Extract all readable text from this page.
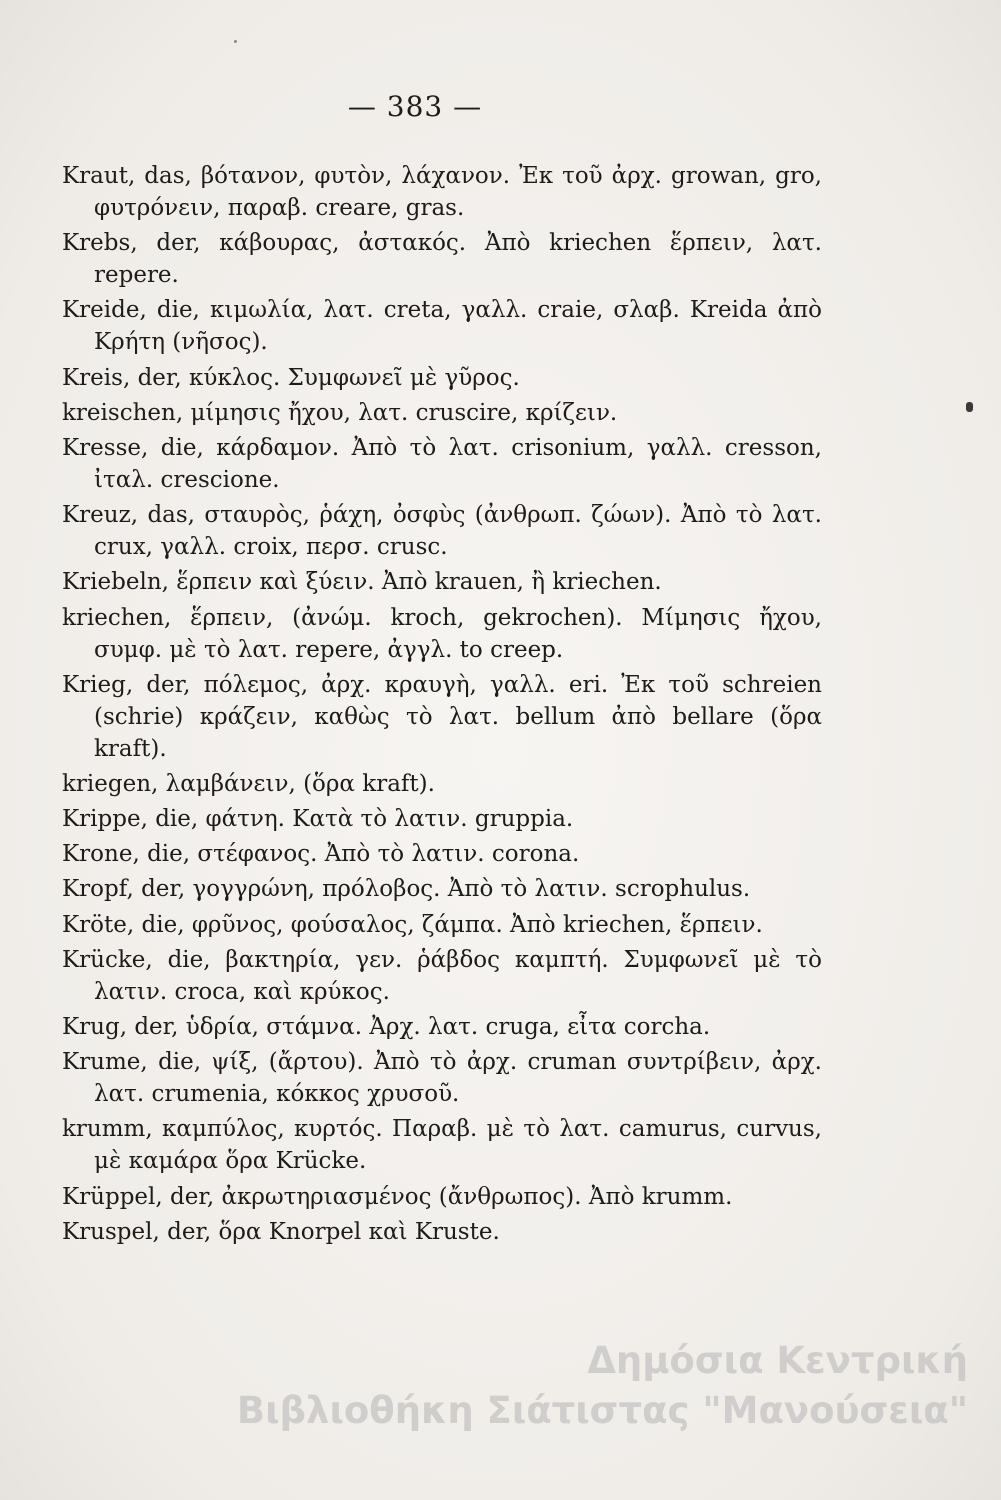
— 383 —

Kraut, das, βότανον, φυτὸν, λάχανον. Ἐκ τοῦ ἀρχ. growan, gro, φυτρόνειν, παραβ. creare, gras.

Krebs, der, κάβουρας, ἀστακός. Ἀπὸ kriechen ἕρπειν, λατ. repere.

Kreide, die, κιμωλία, λατ. creta, γαλλ. craie, σλαβ. Kreida ἀπὸ Κρήτη (νῆσος).

Kreis, der, κύκλος. Συμφωνεῖ μὲ γῦρος.

kreischen, μίμησις ἤχου, λατ. cruscire, κρίζειν.

Kresse, die, κάρδαμον. Ἀπὸ τὸ λατ. crisonium, γαλλ. cresson, ἰταλ. crescione.

Kreuz, das, σταυρὸς, ῥάχη, ὀσφὺς (ἀνθρωπ. ζώων). Ἀπὸ τὸ λατ. crux, γαλλ. croix, περσ. crusc.

Kriebeln, ἕρπειν καὶ ξύειν. Ἀπὸ krauen, ἢ kriechen.

kriechen, ἕρπειν, (ἀνώμ. kroch, gekrochen). Μίμησις ἤχου, συμφ. μὲ τὸ λατ. repere, ἀγγλ. to creep.

Krieg, der, πόλεμος, ἀρχ. κραυγὴ, γαλλ. eri. Ἐκ τοῦ schreien (schrie) κράζειν, καθὼς τὸ λατ. bellum ἀπὸ bellare (ὅρα kraft).

kriegen, λαμβάνειν, (ὅρα kraft).

Krippe, die, φάτνη. Κατὰ τὸ λατιν. gruppia.

Krone, die, στέφανος. Ἀπὸ τὸ λατιν. corona.

Kropf, der, γογγρώνη, πρόλοβος. Ἀπὸ τὸ λατιν. scrophulus.

Kröte, die, φρῦνος, φούσαλος, ζάμπα. Ἀπὸ kriechen, ἕρπειν.

Krücke, die, βακτηρία, γεν. ῥάβδος καμπτή. Συμφωνεῖ μὲ τὸ λατιν. croca, καὶ κρύκος.

Krug, der, ὑδρία, στάμνα. Ἀρχ. λατ. cruga, εἶτα corcha.

Krume, die, ψίξ, (ἄρτου). Ἀπὸ τὸ ἀρχ. cruman συντρίβειν, ἀρχ. λατ. crumenia, κόκκος χρυσοῦ.

krumm, καμπύλος, κυρτός. Παραβ. μὲ τὸ λατ. camurus, curvus, μὲ καμάρα ὅρα Krücke.

Krüppel, der, ἀκρωτηριασμένος (ἄνθρωπος). Ἀπὸ krumm.

Kruspel, der, ὅρα Knorpel καὶ Kruste.

Δημόσια Κεντρική
Βιβλιοθήκη Σιάτιστας "Μανούσεια"
